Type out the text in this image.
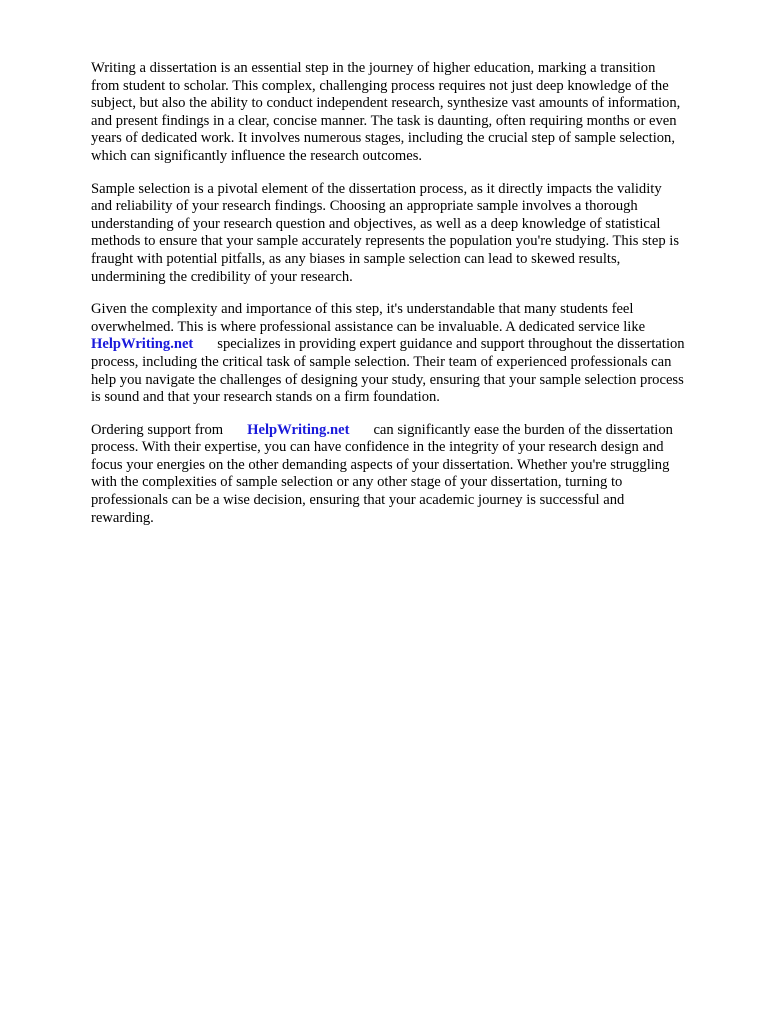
Writing a dissertation is an essential step in the journey of higher education, marking a transition
from student to scholar. This complex, challenging process requires not just deep knowledge of the
subject, but also the ability to conduct independent research, synthesize vast amounts of information,
and present findings in a clear, concise manner. The task is daunting, often requiring months or even
years of dedicated work. It involves numerous stages, including the crucial step of sample selection,
which can significantly influence the research outcomes.

Sample selection is a pivotal element of the dissertation process, as it directly impacts the validity
and reliability of your research findings. Choosing an appropriate sample involves a thorough
understanding of your research question and objectives, as well as a deep knowledge of statistical
methods to ensure that your sample accurately represents the population you're studying. This step is
fraught with potential pitfalls, as any biases in sample selection can lead to skewed results,
undermining the credibility of your research.

Given the complexity and importance of this step, it's understandable that many students feel
overwhelmed. This is where professional assistance can be invaluable. A dedicated service like
HelpWriting.net specializes in providing expert guidance and support throughout the dissertation
process, including the critical task of sample selection. Their team of experienced professionals can
help you navigate the challenges of designing your study, ensuring that your sample selection process
is sound and that your research stands on a firm foundation.

Ordering support from HelpWriting.net can significantly ease the burden of the dissertation
process. With their expertise, you can have confidence in the integrity of your research design and
focus your energies on the other demanding aspects of your dissertation. Whether you're struggling
with the complexities of sample selection or any other stage of your dissertation, turning to
professionals can be a wise decision, ensuring that your academic journey is successful and
rewarding.
